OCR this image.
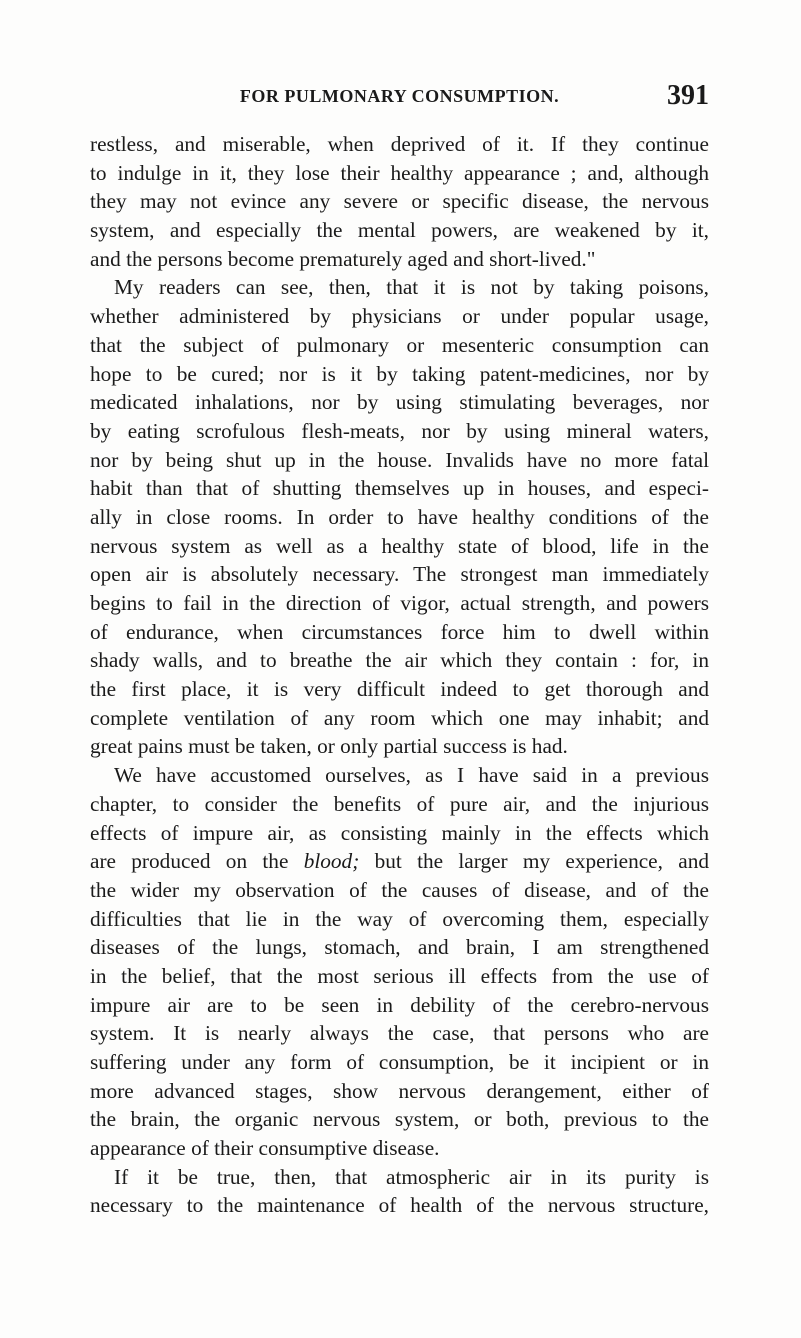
FOR PULMONARY CONSUMPTION.	391
restless, and miserable, when deprived of it. If they continue
to indulge in it, they lose their healthy appearance ; and, although
they may not evince any severe or specific disease, the nervous
system, and especially the mental powers, are weakened by it,
and the persons become prematurely aged and short-lived."
My readers can see, then, that it is not by taking poisons,
whether administered by physicians or under popular usage,
that the subject of pulmonary or mesenteric consumption can
hope to be cured; nor is it by taking patent-medicines, nor by
medicated inhalations, nor by using stimulating beverages, nor
by eating scrofulous flesh-meats, nor by using mineral waters,
nor by being shut up in the house. Invalids have no more fatal
habit than that of shutting themselves up in houses, and especi-
ally in close rooms. In order to have healthy conditions of the
nervous system as well as a healthy state of blood, life in the
open air is absolutely necessary. The strongest man immediately
begins to fail in the direction of vigor, actual strength, and powers
of endurance, when circumstances force him to dwell within
shady walls, and to breathe the air which they contain : for, in
the first place, it is very difficult indeed to get thorough and
complete ventilation of any room which one may inhabit; and
great pains must be taken, or only partial success is had.
We have accustomed ourselves, as I have said in a previous
chapter, to consider the benefits of pure air, and the injurious
effects of impure air, as consisting mainly in the effects which
are produced on the blood; but the larger my experience, and
the wider my observation of the causes of disease, and of the
difficulties that lie in the way of overcoming them, especially
diseases of the lungs, stomach, and brain, I am strengthened
in the belief, that the most serious ill effects from the use of
impure air are to be seen in debility of the cerebro-nervous
system. It is nearly always the case, that persons who are
suffering under any form of consumption, be it incipient or in
more advanced stages, show nervous derangement, either of
the brain, the organic nervous system, or both, previous to the
appearance of their consumptive disease.
If it be true, then, that atmospheric air in its purity is
necessary to the maintenance of health of the nervous structure,
